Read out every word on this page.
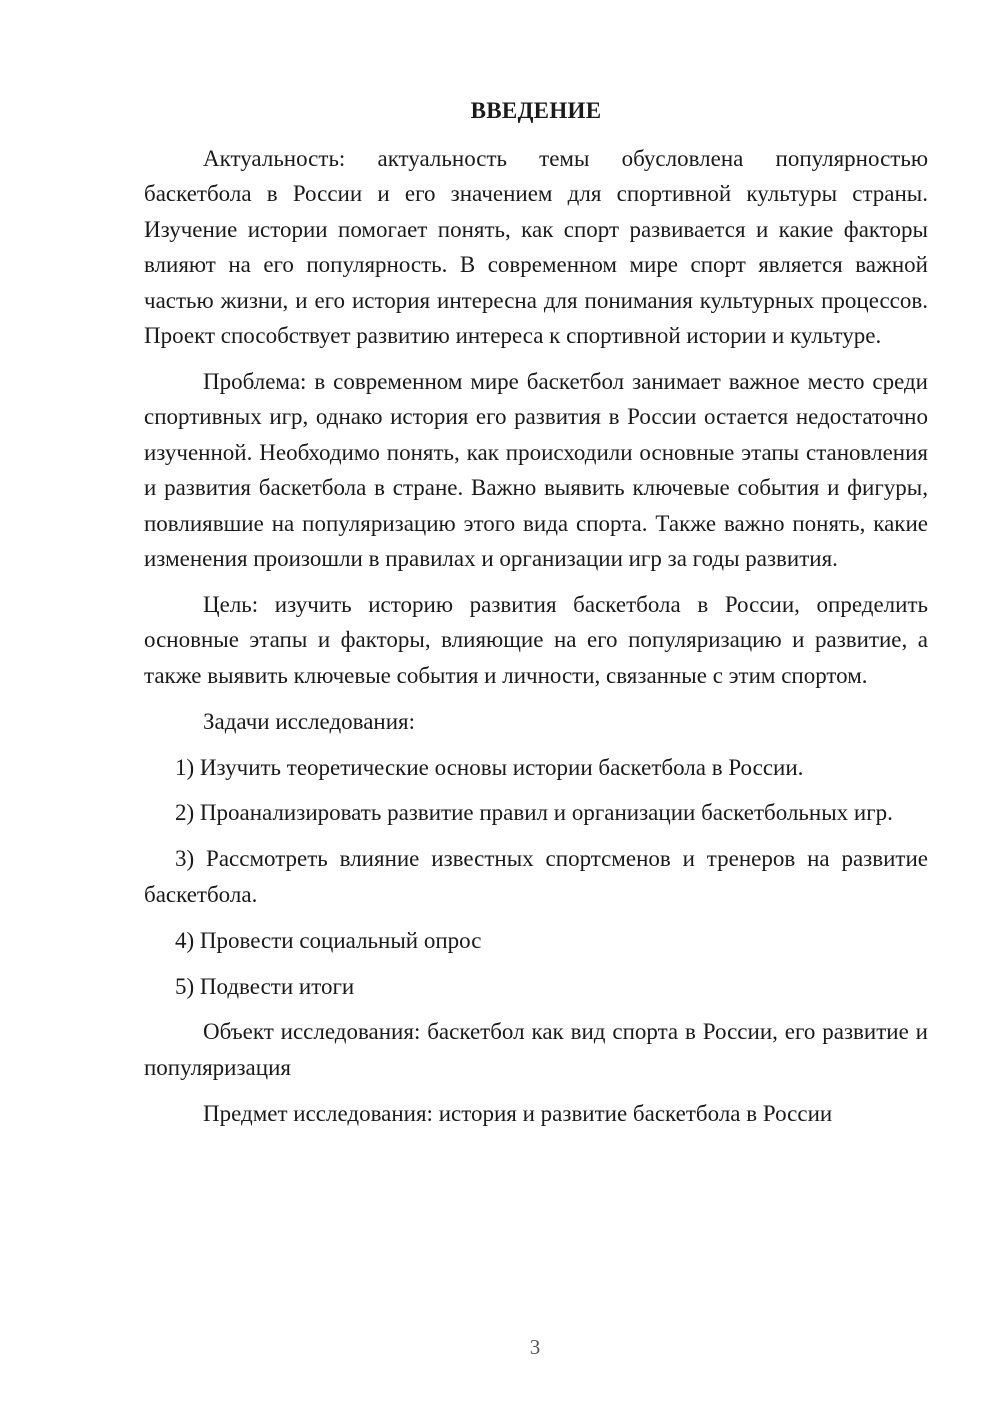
ВВЕДЕНИЕ

Актуальность: актуальность темы обусловлена популярностью баскетбола в России и его значением для спортивной культуры страны. Изучение истории помогает понять, как спорт развивается и какие факторы влияют на его популярность. В современном мире спорт является важной частью жизни, и его история интересна для понимания культурных процессов. Проект способствует развитию интереса к спортивной истории и культуре.

Проблема: в современном мире баскетбол занимает важное место среди спортивных игр, однако история его развития в России остается недостаточно изученной. Необходимо понять, как происходили основные этапы становления и развития баскетбола в стране. Важно выявить ключевые события и фигуры, повлиявшие на популяризацию этого вида спорта. Также важно понять, какие изменения произошли в правилах и организации игр за годы развития.

Цель: изучить историю развития баскетбола в России, определить основные этапы и факторы, влияющие на его популяризацию и развитие, а также выявить ключевые события и личности, связанные с этим спортом.

Задачи исследования:

1) Изучить теоретические основы истории баскетбола в России.

2) Проанализировать развитие правил и организации баскетбольных игр.

3) Рассмотреть влияние известных спортсменов и тренеров на развитие баскетбола.

4) Провести социальный опрос

5) Подвести итоги

Объект исследования: баскетбол как вид спорта в России, его развитие и популяризация

Предмет исследования: история и развитие баскетбола в России

3
